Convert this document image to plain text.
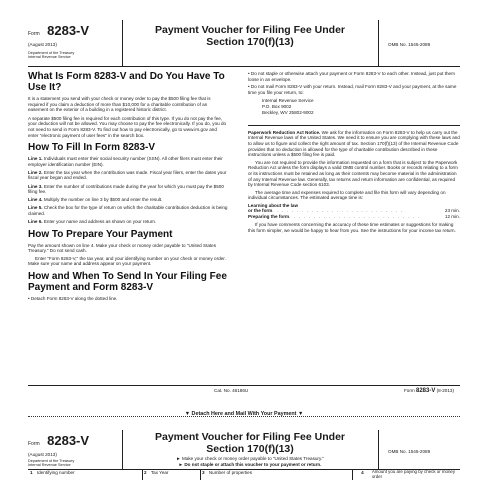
Form 8283-V
(August 2013)
Department of the Treasury
Internal Revenue Service
Payment Voucher for Filing Fee Under
Section 170(f)(13)	OMB No. 1545-2089
What Is Form 8283-V and Do You Have To Use It?

It is a statement you send with your check or money order to pay the $500 filing fee that is required if you claim a deduction of more than $10,000 for a charitable contribution of an easement on the exterior of a building in a registered historic district.

A separate $500 filing fee is required for each contribution of this type. If you do not pay the fee, your deduction will not be allowed. You may choose to pay the fee electronically. If you do, you do not need to send in Form 8283-V. To find out how to pay electronically, go to www.irs.gov and enter "electronic payment of user fees" in the search box.

How To Fill In Form 8283-V

Line 1. Individuals must enter their social security number (SSN). All other filers must enter their employer identification number (EIN).

Line 2. Enter the tax year when the contribution was made. Fiscal year filers, enter the dates your fiscal year began and ended.

Line 3. Enter the number of contributions made during the year for which you must pay the $500 filing fee.

Line 4. Multiply the number on line 3 by $500 and enter the result.

Line 5. Check the box for the type of return on which the charitable contribution deduction is being claimed.

Line 6. Enter your name and address as shown on your return.

How To Prepare Your Payment

Pay the amount shown on line 4. Make your check or money order payable to "United States Treasury." Do not send cash.

Enter "Form 8283-V," the tax year, and your identifying number on your check or money order. Make sure your name and address appear on your payment.

How and When To Send In Your Filing Fee Payment and Form 8283-V

• Detach Form 8283-V along the dotted line.

• Do not staple or otherwise attach your payment or Form 8283-V to each other. Instead, just put them loose in an envelope.

• Do not mail Form 8283-V with your return. Instead, mail Form 8283-V and your payment, at the same time you file your return, to:

Internal Revenue Service
P.O. Box 9002
Beckley, WV 25802-9002

Paperwork Reduction Act Notice. We ask for the information on Form 8283-V to help us carry out the Internal Revenue laws of the United States. We need it to ensure you are complying with these laws and to allow us to figure and collect the right amount of tax. Section 170(f)(13) of the Internal Revenue Code provides that no deduction is allowed for the type of charitable contribution described in these instructions unless a $500 filing fee is paid.

You are not required to provide the information requested on a form that is subject to the Paperwork Reduction Act unless the form displays a valid OMB control number. Books or records relating to a form or its instructions must be retained as long as their contents may become material in the administration of any Internal Revenue law. Generally, tax returns and return information are confidential, as required by Internal Revenue Code section 6103.

The average time and expenses required to complete and file this form will vary depending on individual circumstances. The estimated average time is:

Learning about the law
or the form . . . . . . . . . . . . . . . . . . . . . . . . . . .	23 min.
Preparing the form . . . . . . . . . . . . . . . . . . . . . . . . . . .	12 min.

If you have comments concerning the accuracy of these time estimates or suggestions for making this form simpler, we would be happy to hear from you. See the instructions for your income tax return.

Cat. No. 46186U	Form 8283-V (8-2013)
▼ Detach Here and Mail With Your Payment ▼
Form 8283-V
(August 2013)
Department of the Treasury
Internal Revenue Service
Payment Voucher for Filing Fee Under
Section 170(f)(13)
► Make your check or money order payable to "United States Treasury."
► Do not staple or attach this voucher to your payment or return.
OMB No. 1545-2089
1 Identifying number	2 Tax Year	3 Number of properties	4	Amount you are paying by check or money order
